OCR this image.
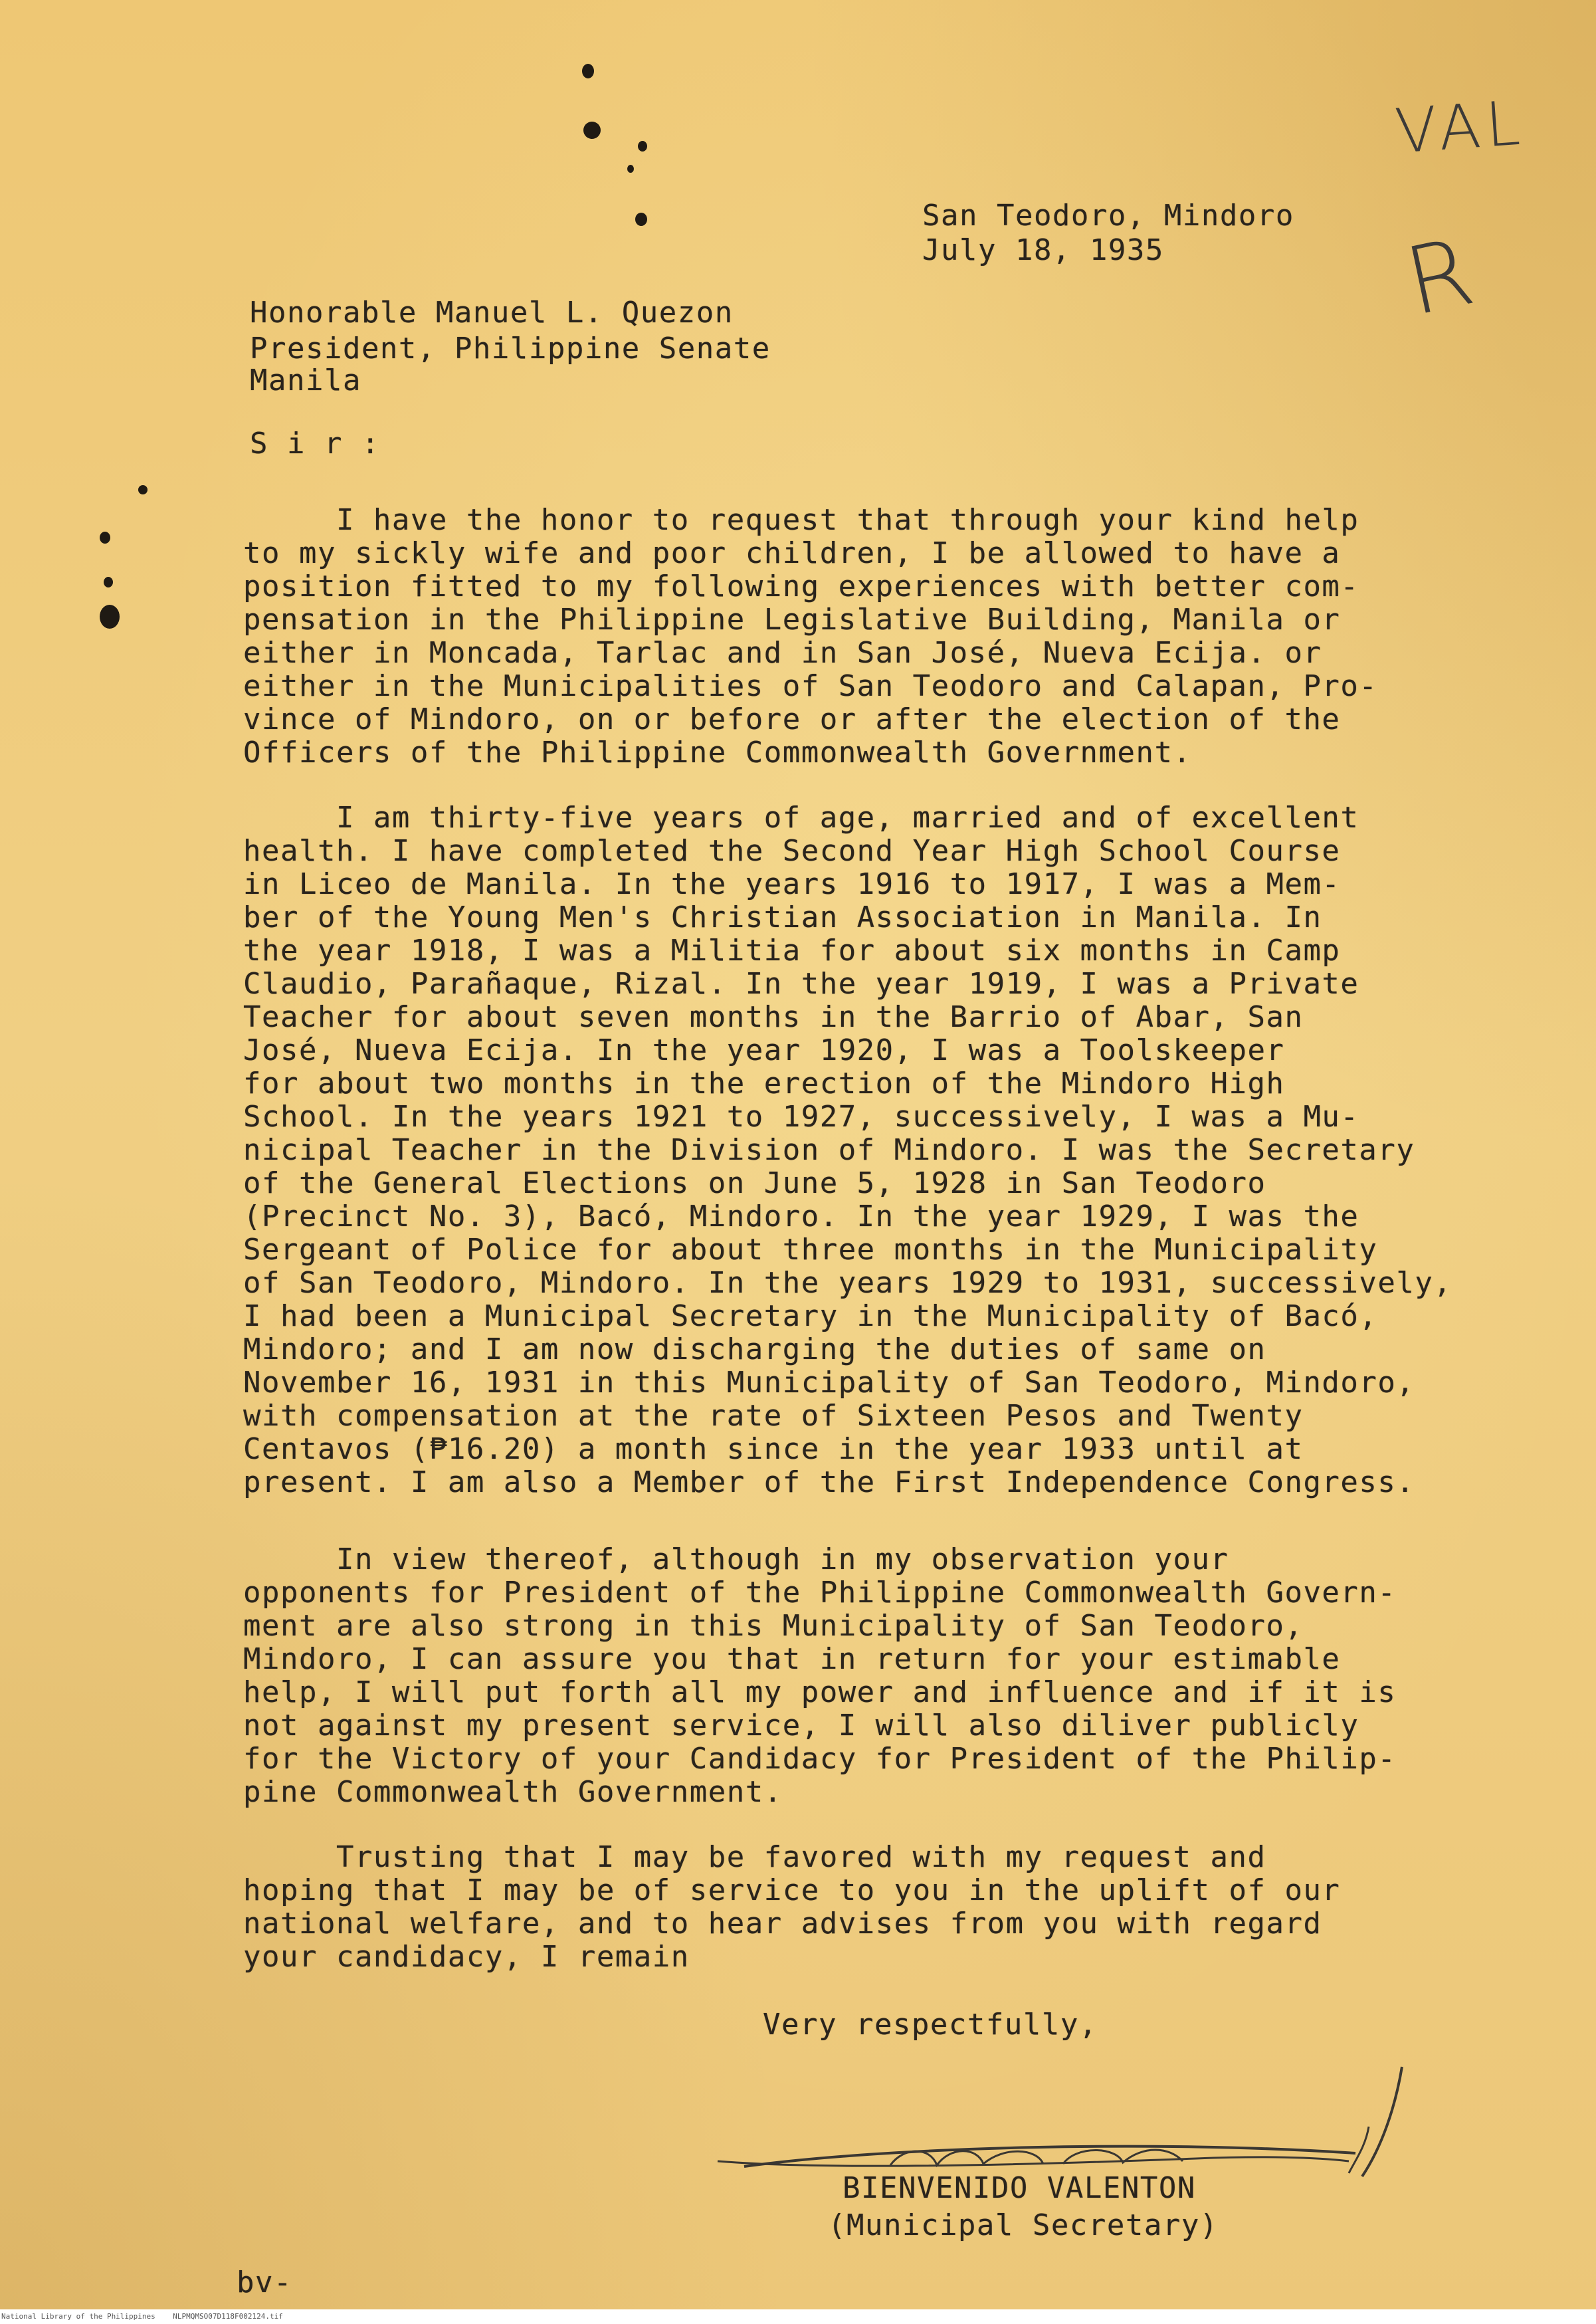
VAL
R

San Teodoro, Mindoro

July 18, 1935

Honorable Manuel L. Quezon

President, Philippine Senate

Manila

S i r :

I have the honor to request that through your kind help

to my sickly wife and poor children, I be allowed to have a

position fitted to my following experiences with better com-

pensation in the Philippine Legislative Building, Manila or

either in Moncada, Tarlac and in San José, Nueva Ecija. or

either in the Municipalities of San Teodoro and Calapan, Pro-

vince of Mindoro, on or before or after the election of the

Officers of the Philippine Commonwealth Government.

I am thirty-five years of age, married and of excellent

health. I have completed the Second Year High School Course

in Liceo de Manila. In the years 1916 to 1917, I was a Mem-

ber of the Young Men's Christian Association in Manila. In

the year 1918, I was a Militia for about six months in Camp

Claudio, Parañaque, Rizal. In the year 1919, I was a Private

Teacher for about seven months in the Barrio of Abar, San

José, Nueva Ecija. In the year 1920, I was a Toolskeeper

for about two months in the erection of the Mindoro High

School. In the years 1921 to 1927, successively, I was a Mu-

nicipal Teacher in the Division of Mindoro. I was the Secretary

of the General Elections on June 5, 1928 in San Teodoro

(Precinct No. 3), Bacó, Mindoro. In the year 1929, I was the

Sergeant of Police for about three months in the Municipality

of San Teodoro, Mindoro. In the years 1929 to 1931, successively,

I had been a Municipal Secretary in the Municipality of Bacó,

Mindoro; and I am now discharging the duties of same on

November 16, 1931 in this Municipality of San Teodoro, Mindoro,

with compensation at the rate of Sixteen Pesos and Twenty

Centavos (₱16.20) a month since in the year 1933 until at

present. I am also a Member of the First Independence Congress.

In view thereof, although in my observation your

opponents for President of the Philippine Commonwealth Govern-

ment are also strong in this Municipality of San Teodoro,

Mindoro, I can assure you that in return for your estimable

help, I will put forth all my power and influence and if it is

not against my present service, I will also diliver publicly

for the Victory of your Candidacy for President of the Philip-

pine Commonwealth Government.

Trusting that I may be favored with my request and

hoping that I may be of service to you in the uplift of our

national welfare, and to hear advises from you with regard

your candidacy, I remain

Very respectfully,

BIENVENIDO VALENTON

(Municipal Secretary)

bv-

National Library of the Philippines    NLPMQMSO07D118F002124.tif
